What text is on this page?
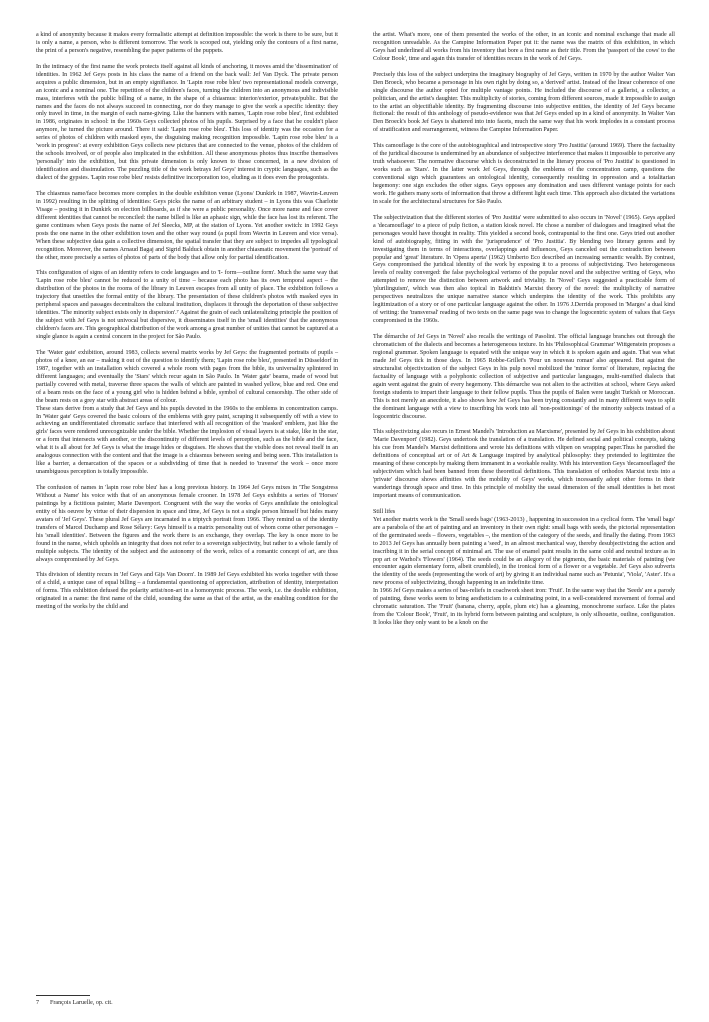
a kind of anonymity because it makes every formalistic attempt at definition impossible: the work is there to be sure, but it is only a name, a person, who is different tomorrow. The work is scooped out, yielding only the contours of a first name, the print of a person's negative, resembling the paper patterns of the puppets.

In the intimacy of the first name the work protects itself against all kinds of anchoring, it moves amid the 'dissemination' of identities. In 1962 Jef Geys posts in his class the name of a friend on the back wall: Jef Van Dyck. The private person acquires a public dimension, but in an empty signifiance. In 'Lapin rose robe bleu' two representational models converge, an iconic and a nominal one. The repetition of the children's faces, turning the children into an anonymous and indivisible mass, interferes with the public billing of a name, in the shape of a chiasmus: interior/exterior, private/public. But the names and the faces do not always succeed in connecting, nor do they manage to give the work a specific identity: they only travel in time, in the margin of each name-giving. Like the banners with names, 'Lapin rose robe bleu', first exhibited in 1986, originates in school: in the 1960s Geys collected photos of his pupils. Surprised by a face that he couldn't place anymore, he turned the picture around. There it said: 'Lapin rose robe bleu'. This loss of identity was the occasion for a series of photos of children with masked eyes, the disguising making recognition impossible. 'Lapin rose robe bleu' is a 'work in progress': at every exhibition Geys collects new pictures that are connected to the venue, photos of the children of the schools involved, or of people also implicated in the exhibition. All these anonymous photos thus inscribe themselves 'personally' into the exhibition, but this private dimension is only known to those concerned, in a new division of identification and dissimulation. The puzzling title of the work betrays Jef Geys' interest in cryptic languages, such as the dialect of the gypsies. 'Lapin rose robe bleu' resists definitive incorporation too, eluding as it does even the protagonists.

The chiasmus name/face becomes more complex in the double exhibiton venue (Lyons/ Dunkirk in 1987, Wavrin-Leuven in 1992) resulting in the splitting of identities: Geys picks the name of an arbitrary student – in Lyons this was Charlotte Visage – posting it in Dunkirk on election billboards, as if she were a public personality. Once more name and face cover different identities that cannot be reconciled: the name billed is like an aphasic sign, while the face has lost its referent. The game continues when Geys posts the name of Jef Sleecks, MP, at the station of Lyons. Yet another switch: in 1992 Geys posts the one name in the other exhibition town and the other way round (a pupil from Wavrin in Leuven and vice versa). When these subjective data gain a collective dimension, the spatial transfer that they are subject to impedes all typological recognition. Moreover, the names Arnaud Bagaj and Sigrid Balduck obtain in another chiasmatic movement the 'portrait' of the other, more precisely a series of photos of parts of the body that allow only for partial identification.

This configuration of signs of an identity refers to code languages and to 'I- form—outline form'. Much the same way that 'Lapin rose robe bleu' cannot be reduced to a unity of time – because each photo has its own temporal aspect – the distribution of the photos in the rooms of the library in Leuven escapes from all unity of place. The exhibition follows a trajectory that unsettles the formal entity of the library. The presentation of these children's photos with masked eyes in peripheral spaces and passages decentralizes the cultural institution, displaces it through the deportation of these subjective identities. 'The minority subject exists only in dispersion'.⁷ Against the grain of each unilateralizing principle the position of the subject with Jef Geys is not univocal but dispersive, it disseminates itself in the 'small identities' that the anonymous children's faces are. This geographical distribution of the work among a great number of unities that cannot be captured at a single glance is again a central concern in the project for São Paulo.

The 'Water gate' exhibition, around 1983, collects several matrix works by Jef Geys: the fragmented portraits of pupils – photos of a knee, an ear – making it out of the question to identify them; 'Lapin rose robe bleu', presented in Düsseldorf in 1987, together with an installation which covered a whole room with pages from the bible, its universality splintered in different languages; and eventually the 'Stars' which recur again in São Paulo. In 'Water gate' beams, made of wood but partially covered with metal, traverse three spaces the walls of which are painted in washed yellow, blue and red. One end of a beam rests on the face of a young girl who is hidden behind a bible, symbol of cultural censorship. The other side of the beam rests on a grey star with abstract areas of colour.

These stars derive from a study that Jef Geys and his pupils devoted in the 1960s to the emblems in concentration camps. In 'Water gate' Geys covered the basic colours of the emblems with grey paint, scraping it subsequently off with a view to achieving an undifferentiated chromatic surface that interfered with all recognition of the 'masked' emblem, just like the girls' faces were rendered unrecognizable under the bible. Whether the implosion of visual layers is at stake, like in the star, or a form that intersects with another, or the discontinuity of different levels of perception, such as the bible and the face, what it is all about for Jef Geys is what the image hides or disguises. He shows that the visible does not reveal itself in an analogous connection with the content and that the image is a chiasmus between seeing and being seen. This installation is like a barrier, a demarcation of the spaces or a subdividing of time that is needed to 'traverse' the work – once more unambiguous perception is totally impossible.

The confusion of names in 'lapin rose robe bleu' has a long previous history. In 1964 Jef Geys mixes in 'The Songstress Without a Name' his voice with that of an anonymous female crooner. In 1978 Jef Geys exhibits a series of 'Horses' paintings by a fictitious painter, Marie Davenport. Congruent with the way the works of Geys annihilate the ontological entity of his oeuvre by virtue of their dispersion in space and time, Jef Geys is not a single person himself but hides many avatars of 'Jef Geys'. These plural Jef Geys are incarnated in a triptych portrait from 1966. They remind us of the identity transfers of Marcel Duchamp and Rose Sélavy: Geys himself is a matrix personality out of whom come other personages – his 'small identities'. Between the figures and the work there is an exchange, they overlap. The key is once more to be found in the name, which upholds an integrity that does not refer to a sovereign subjectivity, but rather to a whole family of multiple subjects. The identity of the subject and the autonomy of the work, relics of a romantic concept of art, are thus always compromised by Jef Geys.

This division of identity recurs in 'Jef Geys and Gijs Van Doorn'. In 1989 Jef Geys exhibited his works together with those of a child, a unique case of equal billing – a fundamental questioning of appreciation, attribution of identity, interpretation of forms. This exhibition defused the polarity artist/non-art in a homonymic process. The work, i.e. the double exhibition, originated in a name: the first name of the child, sounding the same as that of the artist, as the enabling condition for the meeting of the works by the child and

the artist. What's more, one of them presented the works of the other, in an iconic and nominal exchange that made all recognition unreadable. As the Campine Information Paper put it: the name was the matrix of this exhibition, in which Geys had underlined all works from his inventory that bore a first name as their title. From the 'passport of the cows' to the Colour Book', time and again this transfer of identities recurs in the work of Jef Geys.

Precisely this loss of the subject underpins the imaginary biography of Jef Geys, written in 1970 by the author Walter Van Den Broeck, who became a personage in his own right by doing so, a 'derived' artist. Instead of the linear coherence of one single discourse the author opted for multiple vantage points. He included the discourse of a gallerist, a collector, a politician, and the artist's daughter. This multiplicity of stories, coming from different sources, made it impossible to assign to the artist an objectifiable identity. By fragmenting discourse into subjective entities, the identity of Jef Geys became fictional: the result of this anthology of pseudo-evidence was that Jef Geys ended up in a kind of anonymity. In Walter Van Den Broeck's book Jef Geys is shattered into into facets, much the same way that his work implodes in a constant process of stratification and rearrangement, witness the Campine Information Paper.

This camouflage is the core of the autobiographical and introspective story 'Pro Justitia' (around 1969). There the factuality of the juridical discourse is undermined by an abundance of subjective interference that makes it impossible to perceive any truth whatsoever. The normative discourse which is deconstructed in the literary process of 'Pro Justitia' is questioned in works such as 'Stars'. In the latter work Jef Geys, through the emblems of the concentration camp, questions the conventional sign which guarantees an ontological identity, consequently resulting in oppression and a totalitarian hegemony: one sign excludes the other signs. Geys opposes any domination and uses different vantage points for each work. He gathers many sorts of information that throw a different light each time. This approach also dictated the variations in scale for the architectural structures for São Paulo.

The subjectivization that the different stories of 'Pro Justitia' were submitted to also occurs in 'Novel' (1965). Geys applied a 'decamouflage' to a piece of pulp fiction, a station kiosk novel. He chose a number of dialogues and imagined what the personages would have thought in reality. This yielded a second book, contrapuntal to the first one. Geys tried out another kind of autobiography, fitting in with the 'jurisprudence' of 'Pro Justitia'. By blending two literary genres and by investigating them in terms of interactions, overlappings and influences, Geys canceled out the contradiction between popular and 'great' literature. In 'Opera aperta' (1962) Umberto Eco described an increasing semantic wealth. By contrast, Geys compromised the juridical identity of the work by exposing it to a process of subjectivizing. Two heterogeneous levels of reality converged: the false psychological verismo of the popular novel and the subjective writing of Geys, who attempted to remove the distinction between artwork and triviality. In 'Novel' Geys suggested a practicable form of 'plurilinguism', which was then also topical in Bakhtin's Marxist theory of the novel: the multiplicity of narrative perspectives neutralizes the unique narrative stance which underpins the identity of the work. This prohibits any legitimization of a story or of one particular language against the other. In 1976 J.Derrida proposed in 'Marges' a dual kind of writing: the 'transversal' reading of two texts on the same page was to change the logocentric system of values that Geys compromised in the 1960s.

The démarche of Jef Geys in 'Novel' also recalls the writings of Pasolini. The official language branches out through the chromaticism of the dialects and becomes a heterogeneous texture. In his 'Philosophical Grammar' Wittgenstein proposes a regional grammar. Spoken language is equated with the unique way in which it is spoken again and again. That was what made Jef Geys tick in those days. In 1965 Robbe-Grillet's 'Pour un nouveau roman' also appeared. But against the structuralist objectivization of the subject Geys in his pulp novel mobilized the 'minor forms' of literature, replacing the factuality of language with a polyphonic collection of subjective and particular languages, multi-ramified dialects that again went against the grain of every hegemony. This démarche was not alien to the activities at school, where Geys asked foreign students to impart their language to their fellow pupils. Thus the pupils of Balen were taught Turkish or Moroccan. This is not merely an anecdote, it also shows how Jef Geys has been trying constantly and in many different ways to split the dominant language with a view to inscribing his work into all 'non-positionings' of the minority subjects instead of a logocentric discourse.

This subjectivizing also recurs in Ernest Mandel's 'Introduction au Marxisme', presented by Jef Geys in his exhibition about 'Marie Davenport' (1982). Geys undertook the translation of a translation. He defined social and political concepts, taking his cue from Mandel's Marxist definitions and wrote his definitions with viltpen on wrapping paper.Thus he parodied the definitions of conceptual art or of Art & Language inspired by analytical philosophy: they pretended to legitimize the meaning of these concepts by making them immanent in a workable reality. With his intervention Geys 'decamouflaged' the subjectivism which had been banned from these theoretical definitions. This translation of orthodox Marxist texts into a 'private' discourse shows affinities with the mobility of Geys' works, which incessantly adopt other forms in their wanderings through space and time. In this principle of mobility the usual dimension of the small identities is het most important means of communication.

Still lifes

Yet another matrix work is the 'Small seeds bags' (1963-2013) , happening in succession in a cyclical form. The 'small bags' are a parabola of the art of painting and an inventory in their own right: small bags with seeds, the pictorial representation of the germinated seeds – flowers, vegetables –, the mention of the category of the seeds, and finally the dating. From 1963 to 2013 Jef Geys has annually been painting a 'seed', in an almost mechanical way, thereby desubjectivizing the action and inscribing it in the serial concept of minimal art. The use of enamel paint results in the same cold and neutral texture as in pop art or Warhol's 'Flowers' (1964). The seeds could be an allegory of the pigments, the basic materials of painting (we encounter again elementary form, albeit crumbled), in the ironical form of a flower or a vegetable. Jef Geys also subverts the identity of the seeds (representing the work of art) by giving it an individual name such as 'Petunia', 'Viola', 'Aster'. It's a new process of subjectivizing, though happening in an indefinite time.

In 1966 Jef Geys makes a series of bas-reliefs in coachwork sheet iron: 'Fruit'. In the same way that the 'Seeds' are a parody of painting, these works seem to bring aestheticism to a culminating point, in a well-considered movement of formal and chromatic saturation. The 'Fruit' (banana, cherry, apple, plum etc) has a gleaming, monochrome surface. Like the plates from the 'Colour Book', 'Fruit', in its hybrid form between painting and sculpture, is only silhouette, outline, configuration. It looks like they only want to be a knob on the

7 François Laruelle, op. cit.
